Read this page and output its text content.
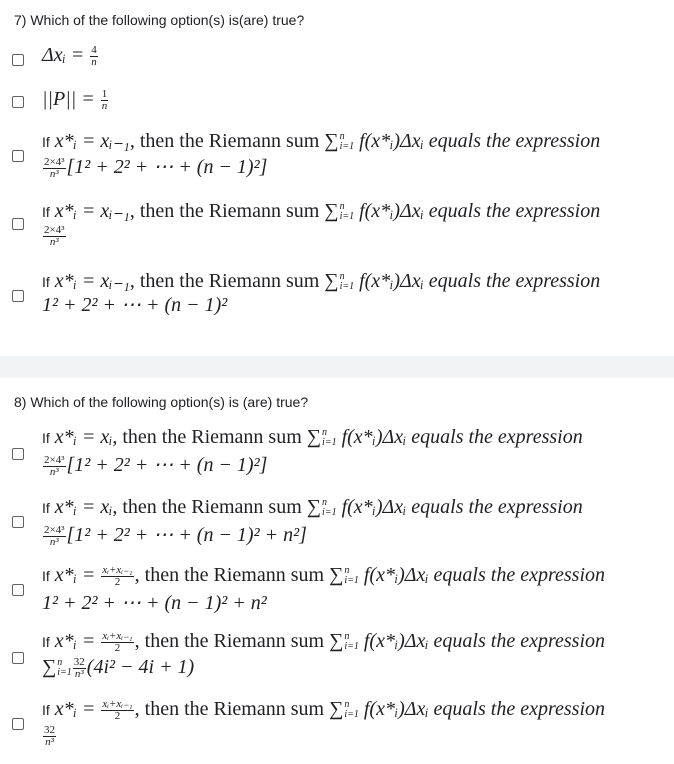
7) Which of the following option(s) is(are) true?
Δxᵢ = $\frac{4}{n}$
$||P|| = \frac{1}{n}$
If x*ᵢ = xᵢ₋₁, then the Riemann sum ∑ n
i=1 f(x*ᵢ)Δxᵢ equals the expression
$\frac{\text{2×4³}}{\text{n³}} [1^2 + 2^2$ + ⋯ + (n − 1)²]
If x*ᵢ = xᵢ₋₁, then the Riemann sum ∑ n
i=1 f(x*ᵢ)Δxᵢ equals the expression
$\frac{\text{2×4³}}{\text{n³}}$
If x*ᵢ = xᵢ₋₁, then the Riemann sum ∑ n
i=1 f(x*ᵢ)Δxᵢ equals the expression
1² + 2² + ⋯ + (n − 1)²
8) Which of the following option(s) is (are) true?
If x*ᵢ = xᵢ, then the Riemann sum ∑ n
i=1 f(x*ᵢ)Δxᵢ equals the expression
$\frac{\text{2×4³}}{\text{n³}} [1^2 + 2^2$ + ⋯ + (n − 1)²]
If x*ᵢ = xᵢ, then the Riemann sum ∑ n
i=1 f(x*ᵢ)Δxᵢ equals the expression
$\frac{\text{2×4³}}{\text{n³}} [1^2 + 2^2$ + ⋯ + (n − 1)² + n²]
If x*ᵢ = $\frac{\text{xᵢ+xᵢ₋₁}}{2}$ , then the Riemann sum ∑ n
i=1 f(x*ᵢ)Δxᵢ equals the expression
1² + 2² + ⋯ + (n − 1)² + n²
If x*ᵢ = $\frac{\text{xᵢ+xᵢ₋₁}}{2}$ , then the Riemann sum ∑ n
i=1 f(x*ᵢ)Δxᵢ equals the expression
∑ n
$i=1 \frac{32}{\text{n³}} (4i^2 - 4i + 1)$
If x*ᵢ = $\frac{\text{xᵢ+xᵢ₋₁}}{2}$ , then the Riemann sum ∑ n
i=1 f(x*ᵢ)Δxᵢ equals the expression
$\frac{32}{\text{n³}}$
